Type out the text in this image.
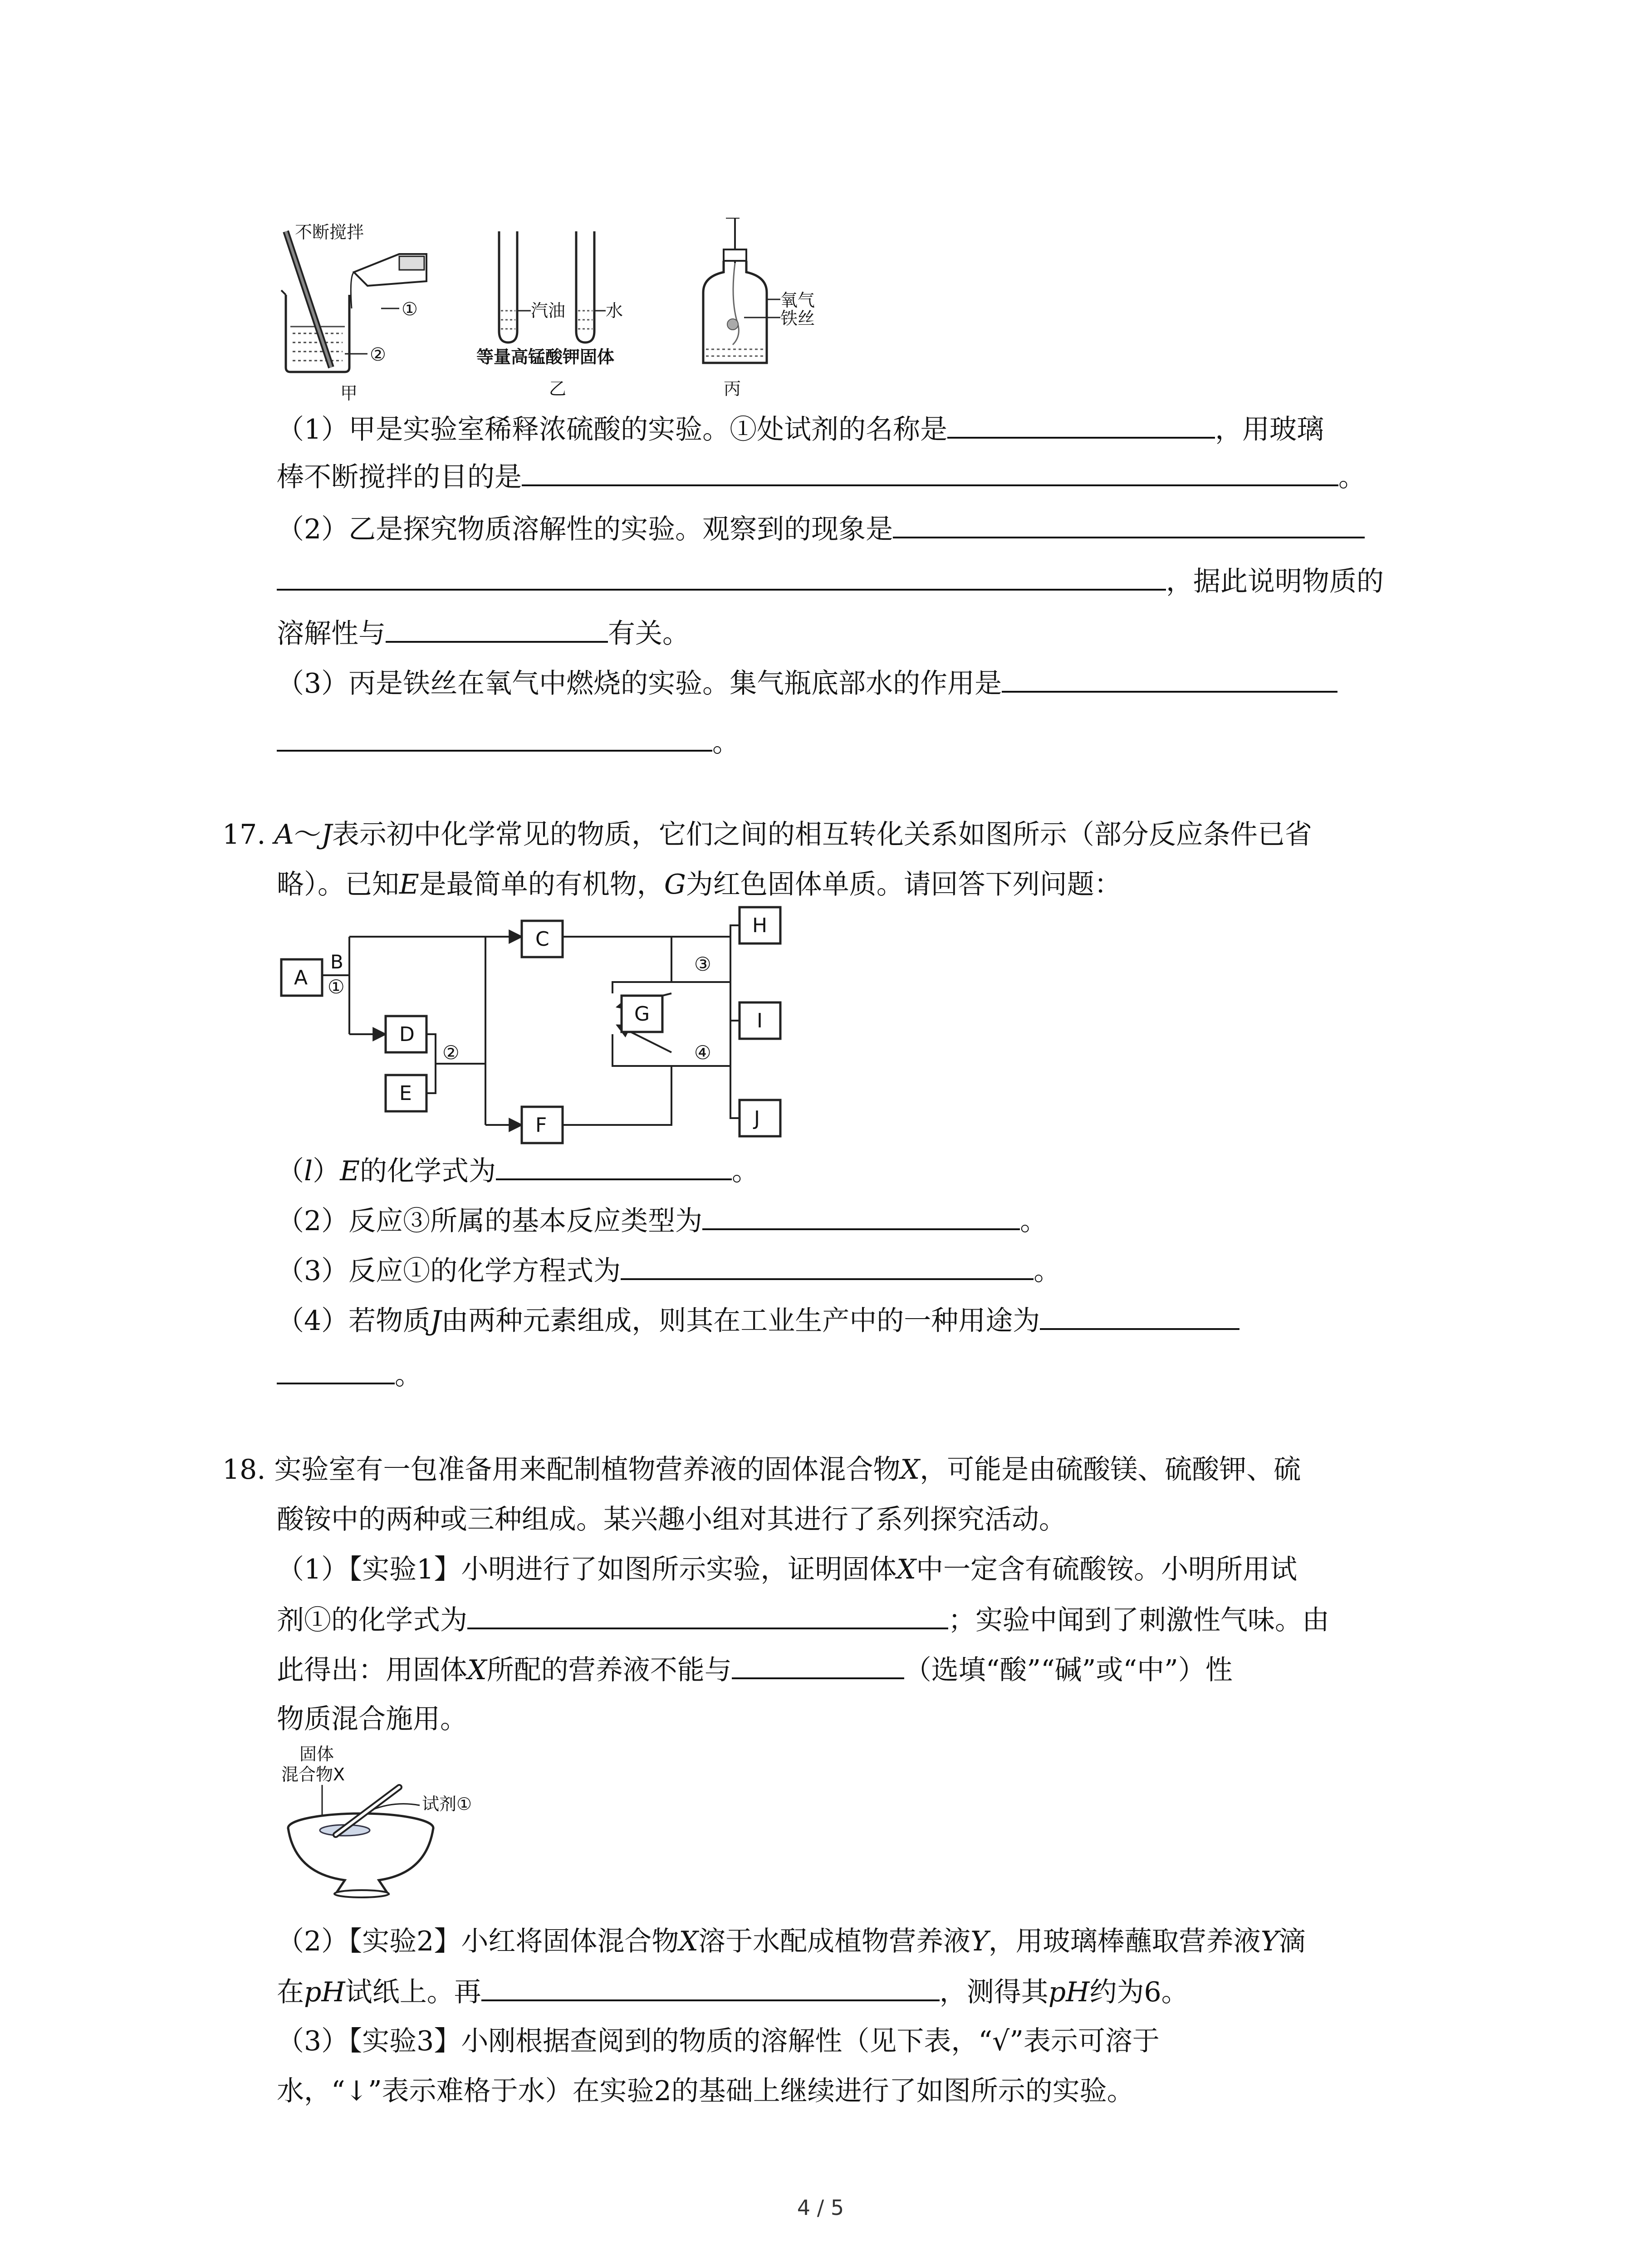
不断搅拌
①
②
甲
汽油 水
等量高锰酸钾固体
乙
氧气
铁丝
丙
（1）甲是实验室稀释浓硫酸的实验。①处试剂的名称是	，用玻璃
棒不断搅拌的目的是	。
（2）乙是探究物质溶解性的实验。观察到的现象是
，据此说明物质的
溶解性与	有关。
（3）丙是铁丝在氧气中燃烧的实验。集气瓶底部水的作用是
。
17. A～J表示初中化学常见的物质，它们之间的相互转化关系如图所示（部分反应条件已省
略）。已知E是最简单的有机物，G为红色固体单质。请回答下列问题：
A
B
①
C
D
E
②
F
G
H
I
J
③
④
（l）E的化学式为	。
（2）反应③所属的基本反应类型为	。
（3）反应①的化学方程式为	。
（4）若物质J由两种元素组成，则其在工业生产中的一种用途为
。
18. 实验室有一包准备用来配制植物营养液的固体混合物X，可能是由硫酸镁、硫酸钾、硫
酸铵中的两种或三种组成。某兴趣小组对其进行了系列探究活动。
（1）【实验1】小明进行了如图所示实验，证明固体X中一定含有硫酸铵。小明所用试
剂①的化学式为	；实验中闻到了刺激性气味。由
此得出：用固体X所配的营养液不能与	（选填“酸”“碱”或“中”）性
物质混合施用。
固体
混合物X
试剂①
（2）【实验2】小红将固体混合物X溶于水配成植物营养液Y，用玻璃棒蘸取营养液Y滴
在pH试纸上。再	，测得其pH约为6。
（3）【实验3】小刚根据查阅到的物质的溶解性（见下表，“√”表示可溶于
水，“↓”表示难格于水）在实验2的基础上继续进行了如图所示的实验。
4 / 5
